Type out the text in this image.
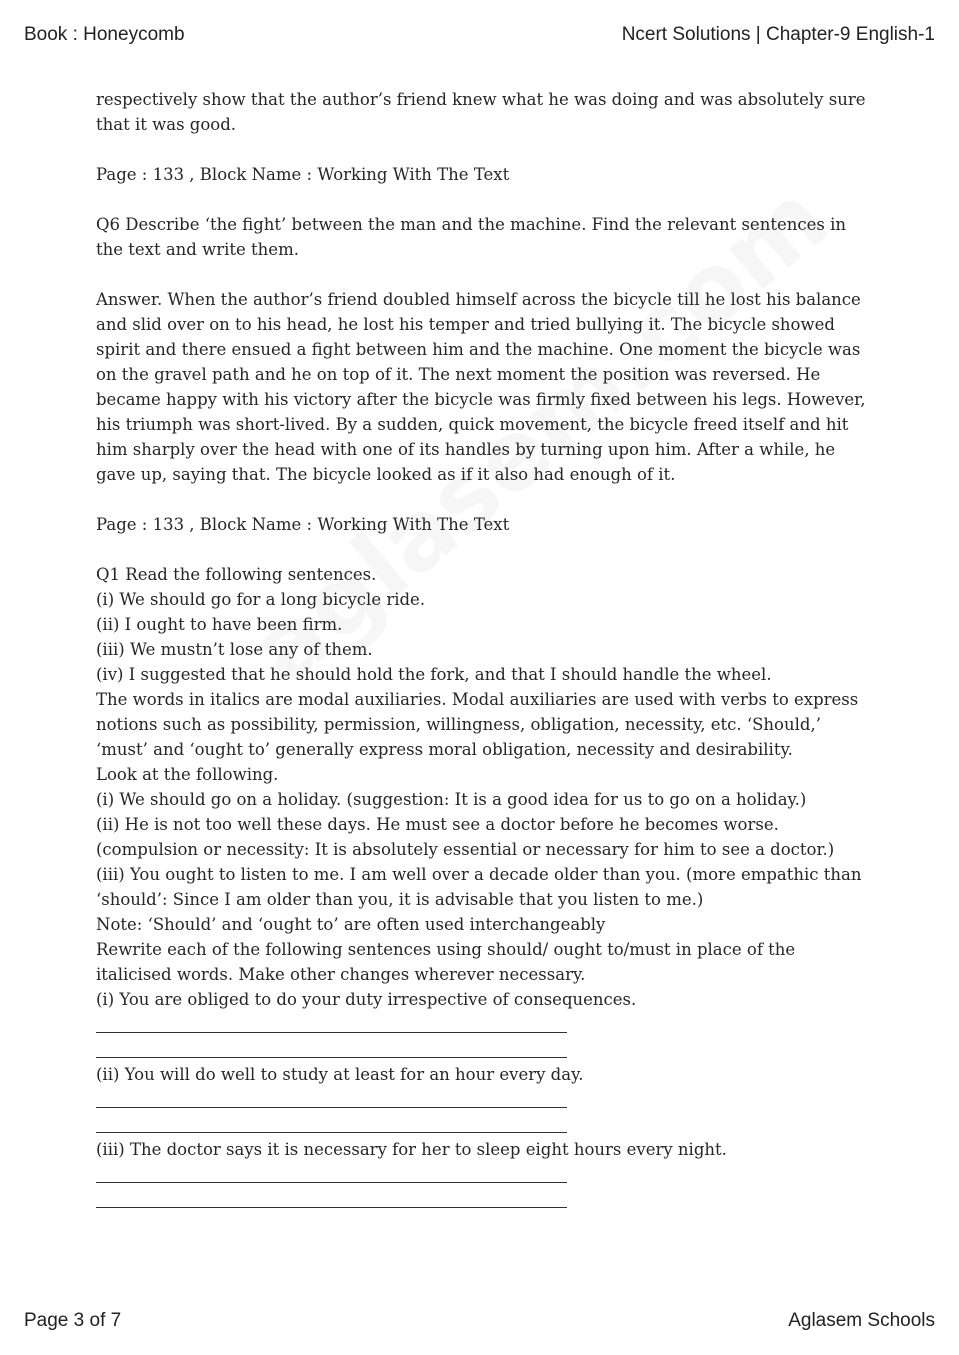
Book : Honeycomb	Ncert Solutions | Chapter-9 English-1

respectively show that the author’s friend knew what he was doing and was absolutely sure that it was good.

Page : 133 , Block Name : Working With The Text

Q6 Describe ‘the fight’ between the man and the machine. Find the relevant sentences in the text and write them.

Answer. When the author’s friend doubled himself across the bicycle till he lost his balance and slid over on to his head, he lost his temper and tried bullying it. The bicycle showed spirit and there ensued a fight between him and the machine. One moment the bicycle was on the gravel path and he on top of it. The next moment the position was reversed. He became happy with his victory after the bicycle was firmly fixed between his legs. However, his triumph was short-lived. By a sudden, quick movement, the bicycle freed itself and hit him sharply over the head with one of its handles by turning upon him. After a while, he gave up, saying that. The bicycle looked as if it also had enough of it.

Page : 133 , Block Name : Working With The Text

Q1 Read the following sentences.

(i) We should go for a long bicycle ride.

(ii) I ought to have been firm.

(iii) We mustn’t lose any of them.

(iv) I suggested that he should hold the fork, and that I should handle the wheel.

The words in italics are modal auxiliaries. Modal auxiliaries are used with verbs to express notions such as possibility, permission, willingness, obligation, necessity, etc. ‘Should,’ ‘must’ and ‘ought to’ generally express moral obligation, necessity and desirability.

Look at the following.

(i) We should go on a holiday. (suggestion: It is a good idea for us to go on a holiday.)

(ii) He is not too well these days. He must see a doctor before he becomes worse. (compulsion or necessity: It is absolutely essential or necessary for him to see a doctor.)

(iii) You ought to listen to me. I am well over a decade older than you. (more empathic than ‘should’: Since I am older than you, it is advisable that you listen to me.)

Note: ‘Should’ and ‘ought to’ are often used interchangeably

Rewrite each of the following sentences using should/ ought to/must in place of the italicised words. Make other changes wherever necessary.

(i) You are obliged to do your duty irrespective of consequences.

(ii) You will do well to study at least for an hour every day.

(iii) The doctor says it is necessary for her to sleep eight hours every night.

Page 3 of 7	Aglasem Schools
